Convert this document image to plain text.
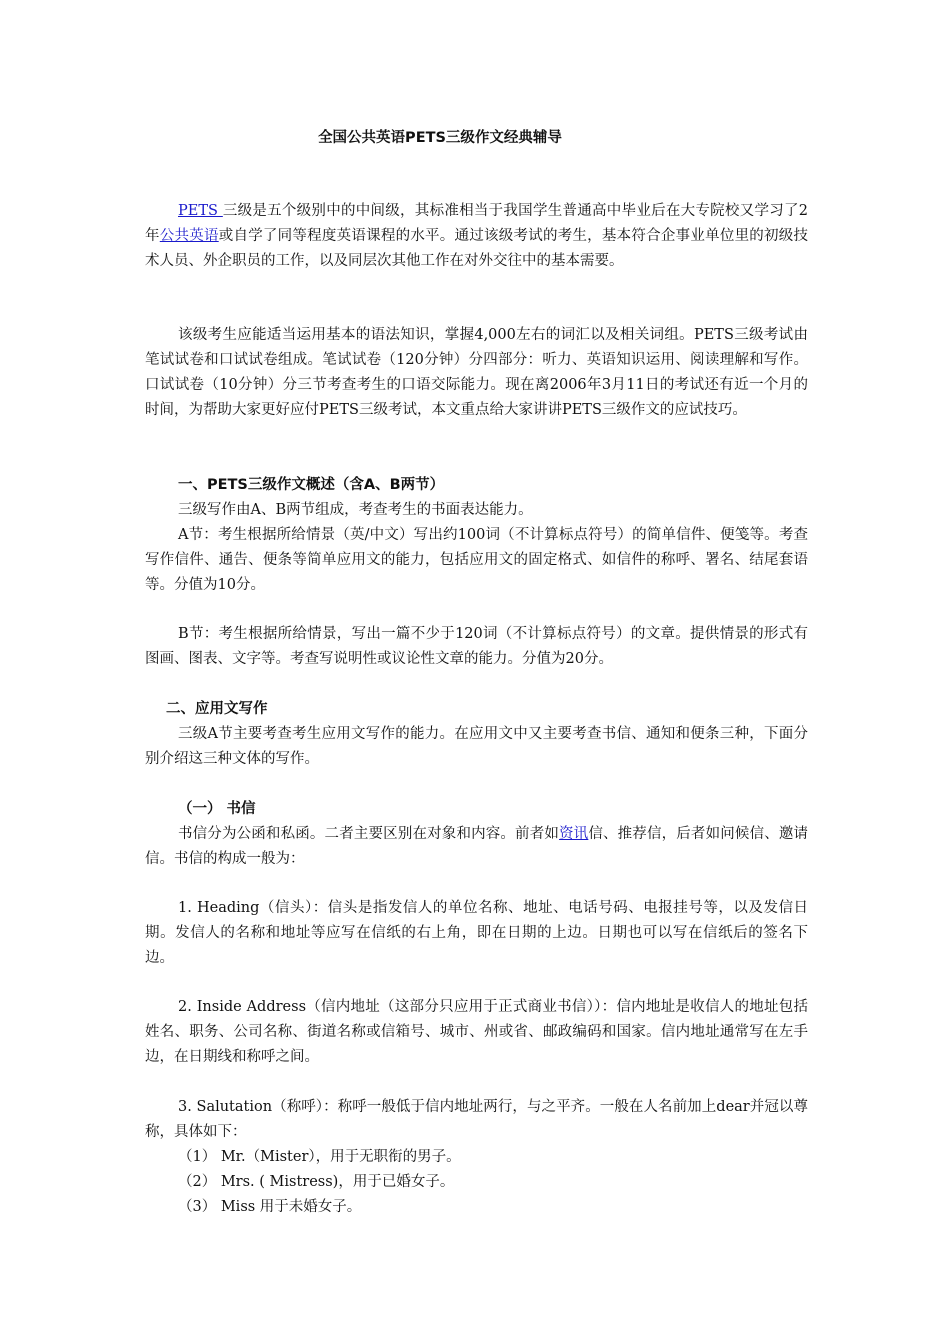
全国公共英语PETS三级作文经典辅导
PETS 三级是五个级别中的中间级，其标准相当于我国学生普通高中毕业后在大专院校又学习了2年公共英语或自学了同等程度英语课程的水平。通过该级考试的考生，基本符合企事业单位里的初级技术人员、外企职员的工作，以及同层次其他工作在对外交往中的基本需要。
该级考生应能适当运用基本的语法知识，掌握4,000左右的词汇以及相关词组。PETS三级考试由笔试试卷和口试试卷组成。笔试试卷（120分钟）分四部分：听力、英语知识运用、阅读理解和写作。口试试卷（10分钟）分三节考查考生的口语交际能力。现在离2006年3月11日的考试还有近一个月的时间，为帮助大家更好应付PETS三级考试，本文重点给大家讲讲PETS三级作文的应试技巧。
一、PETS三级作文概述（含A、B两节）
三级写作由A、B两节组成，考查考生的书面表达能力。
A节：考生根据所给情景（英/中文）写出约100词（不计算标点符号）的简单信件、便笺等。考查写作信件、通告、便条等简单应用文的能力，包括应用文的固定格式、如信件的称呼、署名、结尾套语等。分值为10分。
B节：考生根据所给情景，写出一篇不少于120词（不计算标点符号）的文章。提供情景的形式有图画、图表、文字等。考查写说明性或议论性文章的能力。分值为20分。
二、应用文写作
三级A节主要考查考生应用文写作的能力。在应用文中又主要考查书信、通知和便条三种，下面分别介绍这三种文体的写作。
（一） 书信
书信分为公函和私函。二者主要区别在对象和内容。前者如资讯信、推荐信，后者如问候信、邀请信。书信的构成一般为：
1. Heading（信头）：信头是指发信人的单位名称、地址、电话号码、电报挂号等，以及发信日期。发信人的名称和地址等应写在信纸的右上角，即在日期的上边。日期也可以写在信纸后的签名下边。
2. Inside Address（信内地址（这部分只应用于正式商业书信））：信内地址是收信人的地址包括姓名、职务、公司名称、街道名称或信箱号、城市、州或省、邮政编码和国家。信内地址通常写在左手边，在日期线和称呼之间。
3. Salutation（称呼）：称呼一般低于信内地址两行，与之平齐。一般在人名前加上dear并冠以尊称，具体如下：
（1） Mr.（Mister），用于无职衔的男子。
（2） Mrs. ( Mistress)，用于已婚女子。
（3） Miss 用于未婚女子。
